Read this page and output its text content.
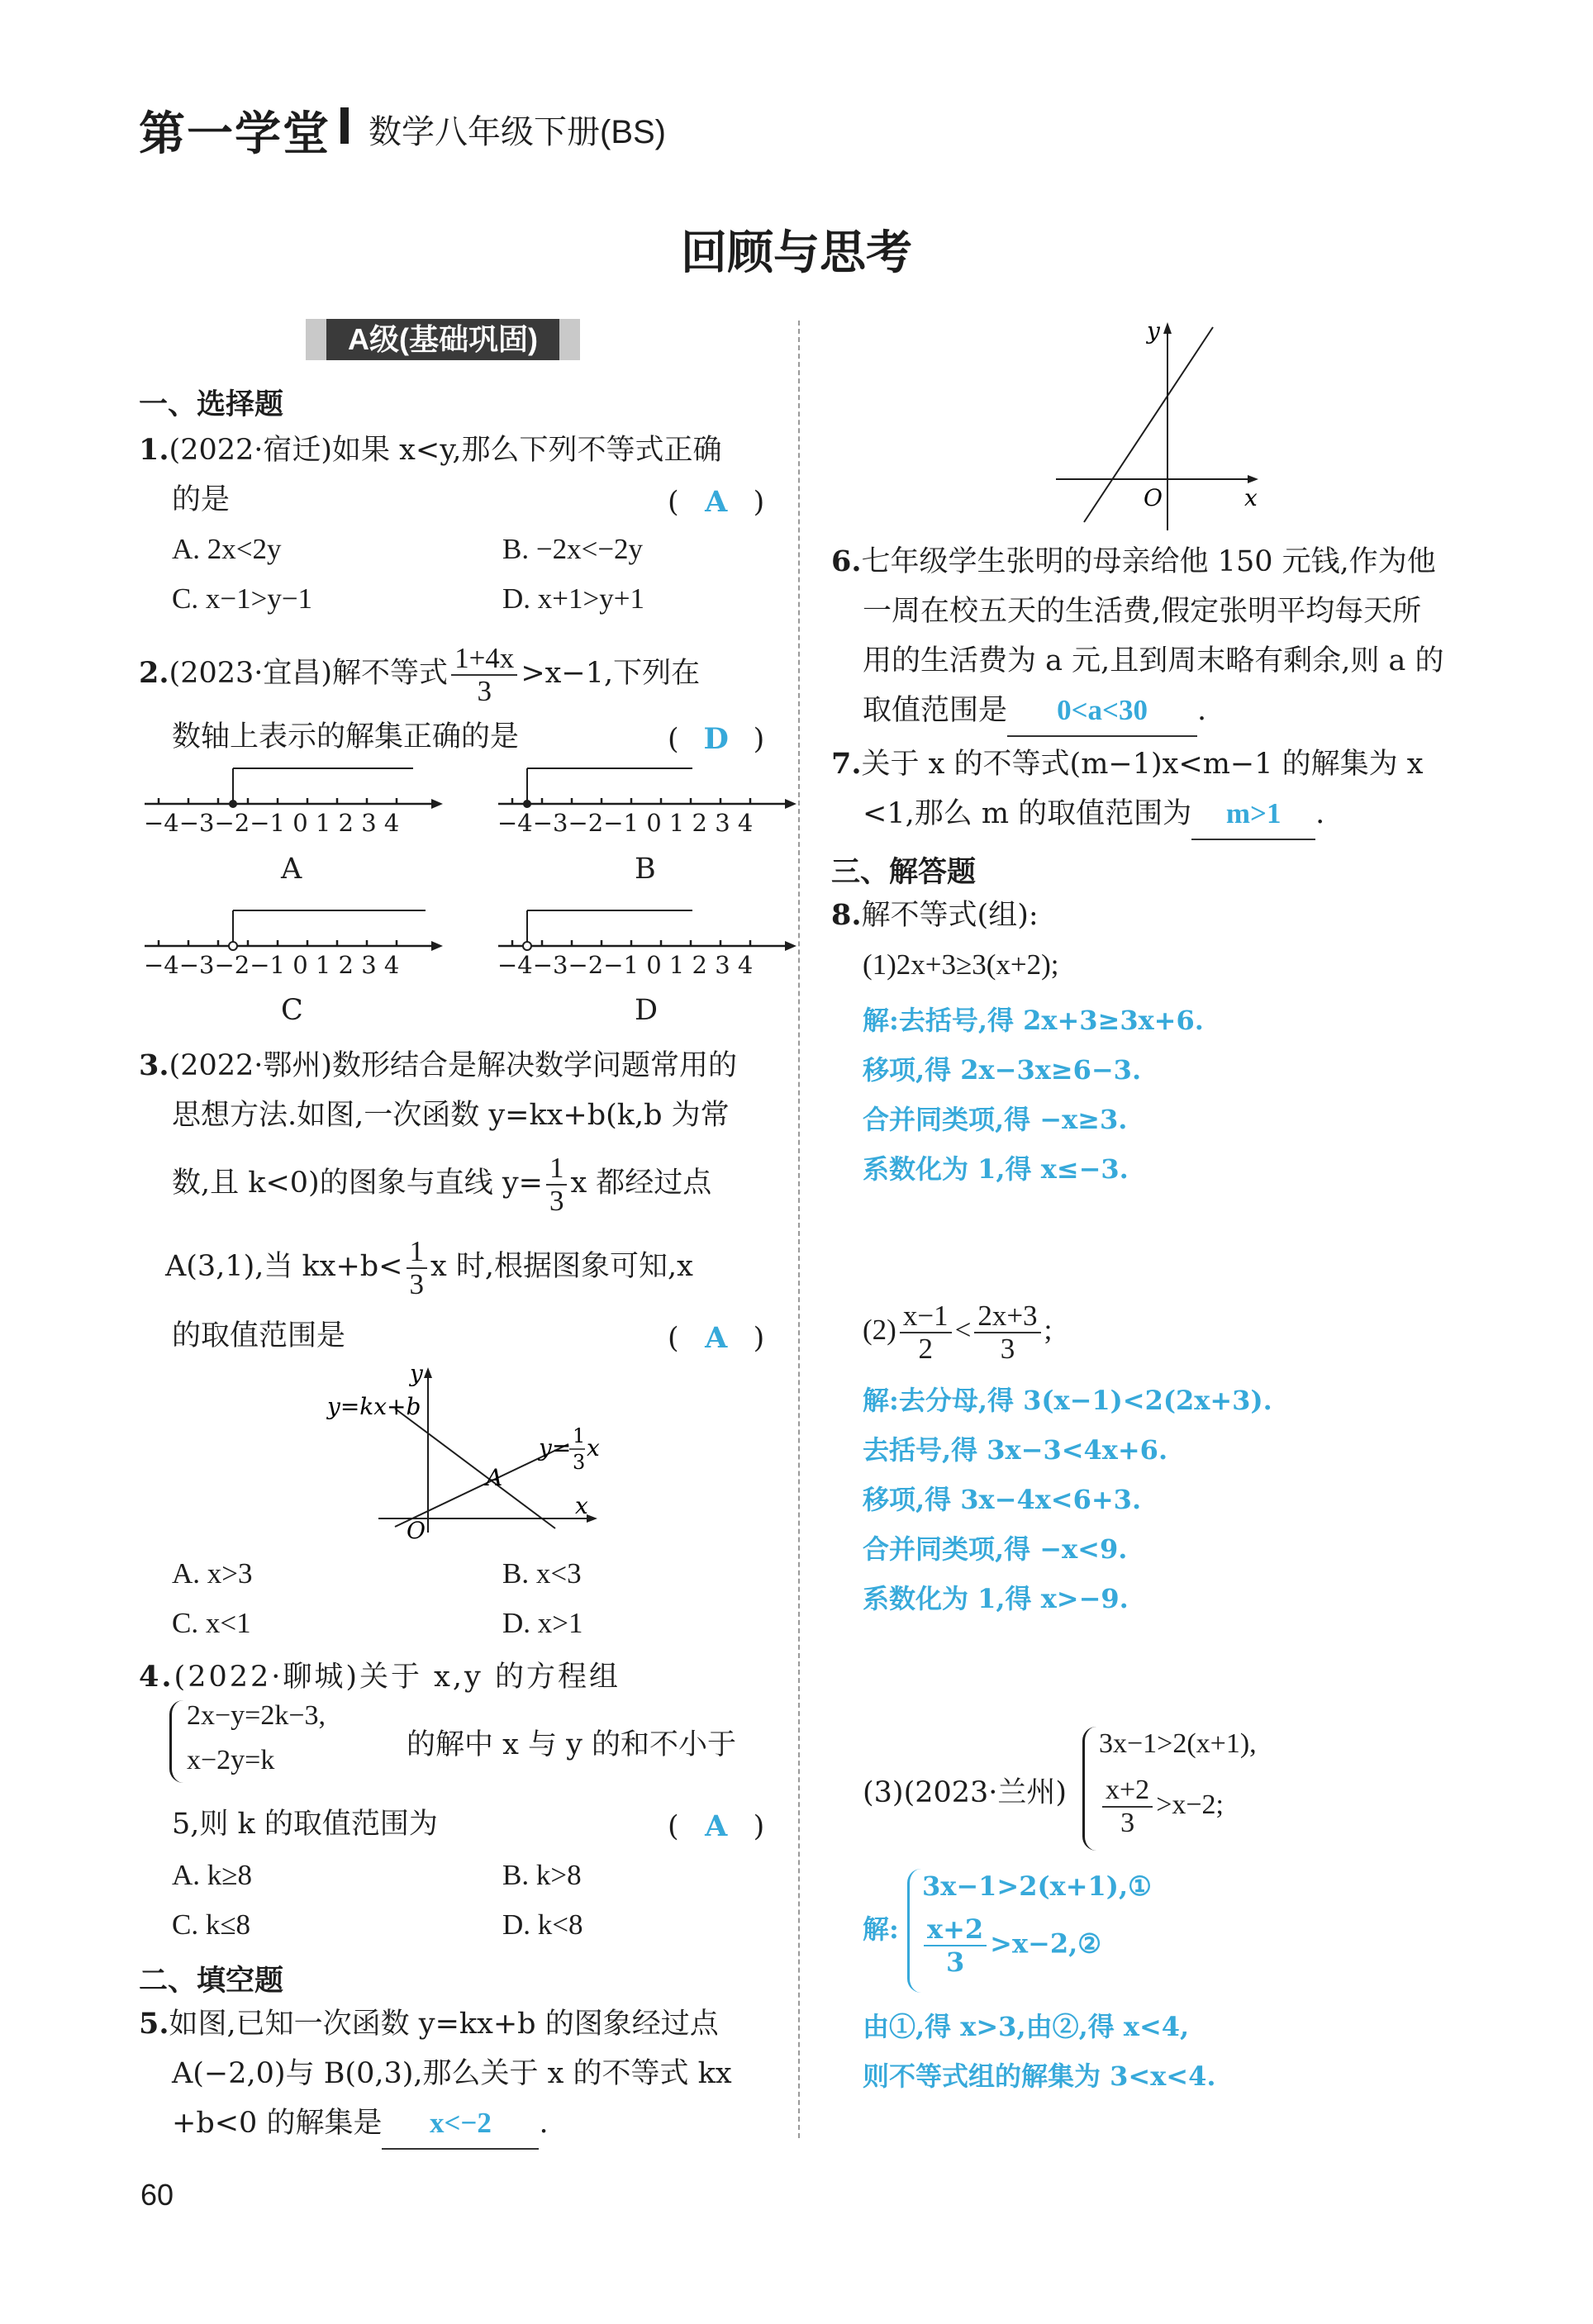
第一学堂 数学八年级下册(BS)
回顾与思考
A级(基础巩固)
一、选择题
1.(2022·宿迁)如果 x<y,那么下列不等式正确
的是	( A )
A. 2x<2y	B. −2x<−2y
C. x−1>y−1	D. x+1>y+1
2.(2023·宜昌)解不等式 $\frac{1+4x}{3} >x-1$,下列在
数轴上表示的解集正确的是	( D )
−4−3−2−1 0 1 2 3 4
A
−4−3−2−1 0 1 2 3 4
B
−4−3−2−1 0 1 2 3 4
C
−4−3−2−1 0 1 2 3 4
D
3.(2022·鄂州)数形结合是解决数学问题常用的
思想方法.如图,一次函数 y=kx+b(k,b 为常
数,且 k<0)的图象与直线 $y= \frac{1}{3}$ x 都经过点
A(3,1),当 $kx+b< \frac{1}{3}$ x 时,根据图象可知,x
的取值范围是	( A )
y=kx+b
y= 1
3
x
A
O
x
y
A. x>3	B. x<3
C. x<1	D. x>1
4.(2022·聊城)关于 x,y 的方程组
2x−y=2k−3,
x−2y=k	的解中 x 与 y 的和不小于
5,则 k 的取值范围为	( A )
A. k≥8	B. k>8
C. k≤8	D. k<8
二、填空题
5.如图,已知一次函数 y=kx+b 的图象经过点
A(−2,0)与 B(0,3),那么关于 x 的不等式 kx
+b<0 的解集是 x<−2 .
60
y
x
O
6.七年级学生张明的母亲给他 150 元钱,作为他
一周在校五天的生活费,假定张明平均每天所
用的生活费为 a 元,且到周末略有剩余,则 a 的
取值范围是 0<a<30 .
7.关于 x 的不等式(m−1)x<m−1 的解集为 x
<1,那么 m 的取值范围为 m>1 .
三、解答题
8.解不等式(组):
(1)2x+3≥3(x+2);
解:去括号,得 2x+3≥3x+6.
移项,得 2x−3x≥6−3.
合并同类项,得 −x≥3.
系数化为 1,得 x≤−3.
$(2) \frac{x-1}{2} < \frac{2x+3}{3}$ ;
解:去分母,得 3(x−1)<2(2x+3).
去括号,得 3x−3<4x+6.
移项,得 3x−4x<6+3.
合并同类项,得 −x<9.
系数化为 1,得 x>−9.
(3)(2023·兰州)
3x−1>2(x+1),
$\frac{x+2}{3} >x-2$;
解:
3x−1>2(x+1),①
$\frac{x+2}{3}$ >x−2,②
由①,得 x>3,由②,得 x<4,
则不等式组的解集为 3<x<4.
